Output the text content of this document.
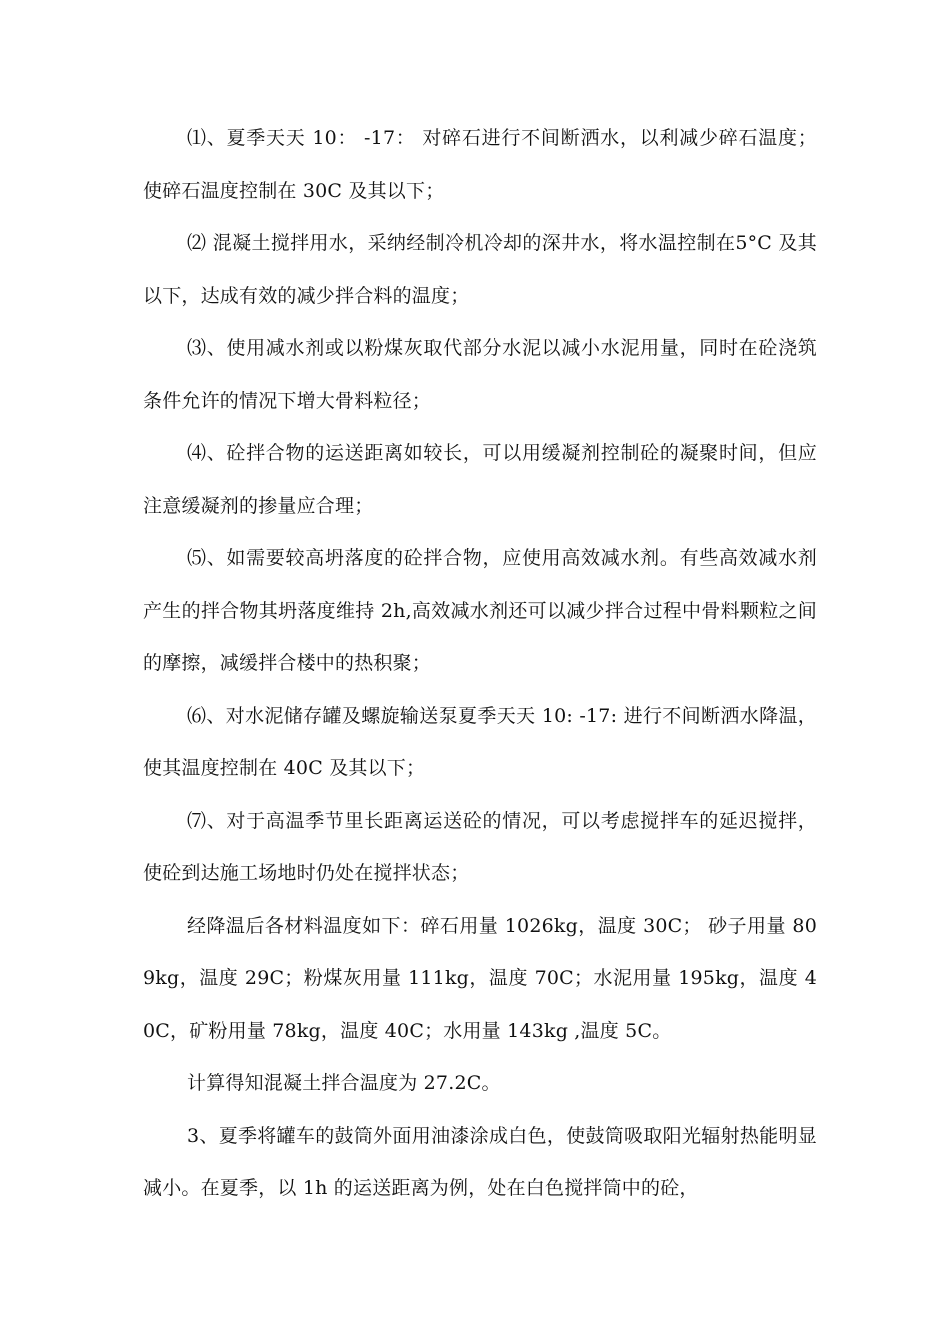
⑴、夏季天天 10： -17： 对碎石进行不间断洒水，以利减少碎石温度；使碎石温度控制在 30C 及其以下；

⑵ 混凝土搅拌用水，采纳经制冷机冷却的深井水，将水温控制在5°C 及其以下，达成有效的减少拌合料的温度；

⑶、使用减水剂或以粉煤灰取代部分水泥以减小水泥用量，同时在砼浇筑条件允许的情况下增大骨料粒径；

⑷、砼拌合物的运送距离如较长，可以用缓凝剂控制砼的凝聚时间，但应注意缓凝剂的掺量应合理；

⑸、如需要较高坍落度的砼拌合物，应使用高效减水剂。有些高效减水剂产生的拌合物其坍落度维持 2h,高效减水剂还可以减少拌合过程中骨料颗粒之间的摩擦，减缓拌合楼中的热积聚；

⑹、对水泥储存罐及螺旋输送泵夏季天天 10: -17: 进行不间断洒水降温，使其温度控制在 40C 及其以下；

⑺、对于高温季节里长距离运送砼的情况，可以考虑搅拌车的延迟搅拌，使砼到达施工场地时仍处在搅拌状态；

经降温后各材料温度如下：碎石用量 1026kg，温度 30C； 砂子用量 809kg，温度 29C；粉煤灰用量 111kg，温度 70C；水泥用量 195kg，温度 40C，矿粉用量 78kg，温度 40C；水用量 143kg ,温度 5C。

计算得知混凝土拌合温度为 27.2C。

3、夏季将罐车的鼓筒外面用油漆涂成白色，使鼓筒吸取阳光辐射热能明显减小。在夏季，以 1h 的运送距离为例，处在白色搅拌筒中的砼，
